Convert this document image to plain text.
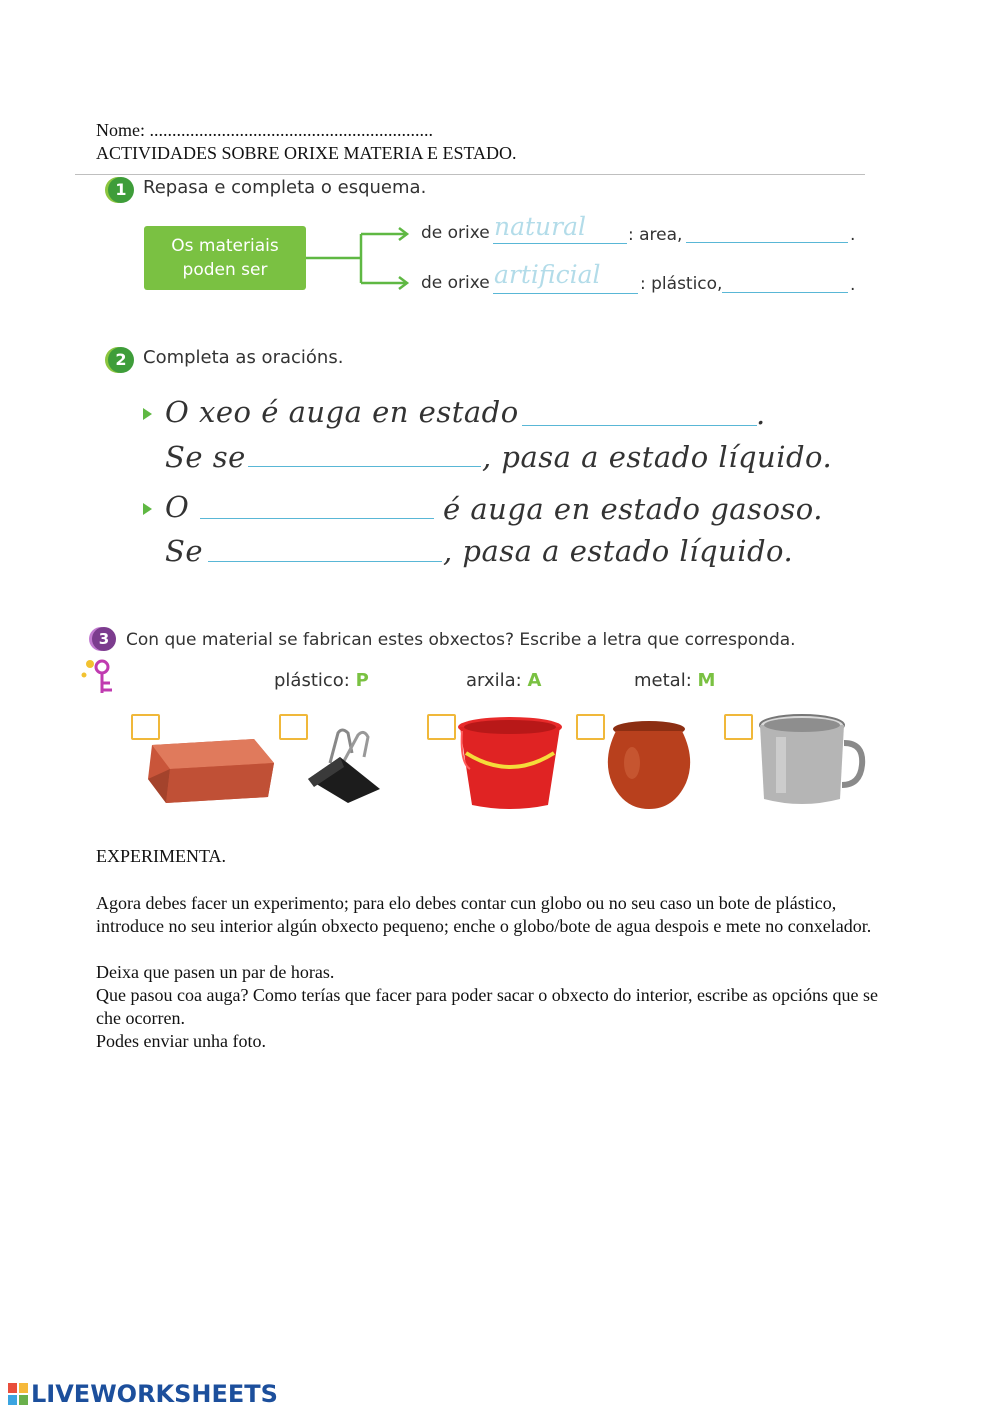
Nome: ...............................................................
ACTIVIDADES SOBRE ORIXE MATERIA E ESTADO.
1 Repasa e completa o esquema.
Os materiais
poden ser
de orixe natural : area,	.
de orixe artificial : plástico,	.
2 Completa as oracións.
O xeo é auga en estado	.
Se se	, pasa a estado líquido.
O	é auga en estado gasoso.
Se	, pasa a estado líquido.
3 Con que material se fabrican estes obxectos? Escribe a letra que corresponda.
plástico: P	arxila: A	metal: M
EXPERIMENTA.
Agora debes facer un experimento; para elo debes contar cun globo ou no seu caso un bote de plástico, introduce no seu interior algún obxecto pequeno; enche o globo/bote de agua despois e mete no conxelador.
Deixa que pasen un par de horas.
Que pasou coa auga? Como terías que facer para poder sacar o obxecto do interior, escribe as opcións que se che ocorren.
Podes enviar unha foto.
LIVEWORKSHEETS
